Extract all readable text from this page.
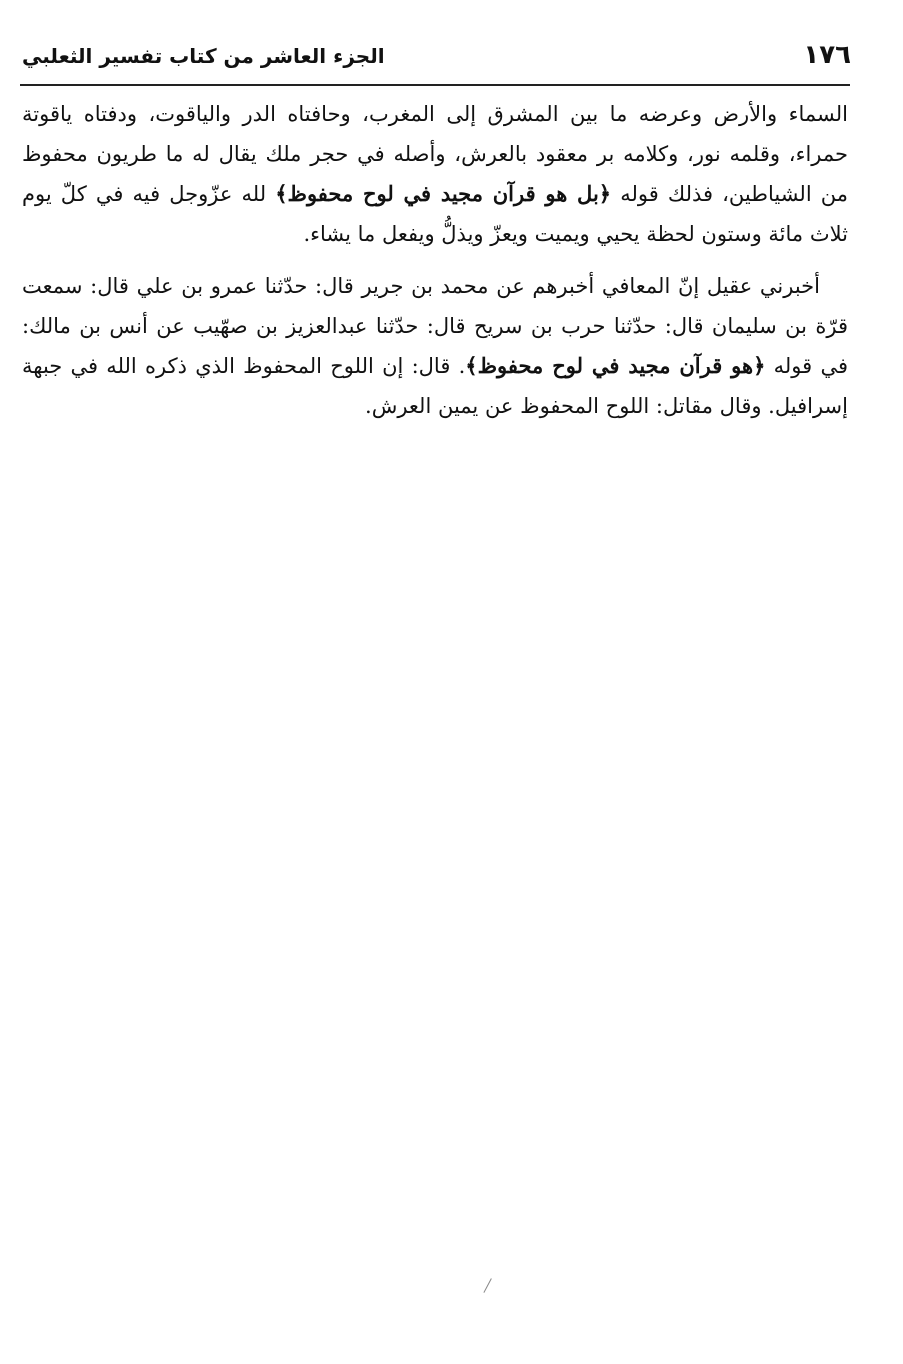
١٧٦
الجزء العاشر من كتاب تفسير الثعلبي

السماء والأرض وعرضه ما بين المشرق إلى المغرب، وحافتاه الدر والياقوت، ودفتاه ياقوتة حمراء، وقلمه نور، وكلامه بر معقود بالعرش، وأصله في حجر ملك يقال له ما طريون محفوظ من الشياطين، فذلك قوله ﴿بل هو قرآن مجيد في لوح محفوظ﴾ لله عزّوجل فيه في كلّ يوم ثلاث مائة وستون لحظة يحيي ويميت ويعزّ ويذلُّ ويفعل ما يشاء.

أخبرني عقيل إنّ المعافي أخبرهم عن محمد بن جرير قال: حدّثنا عمرو بن علي قال: سمعت قرّة بن سليمان قال: حدّثنا حرب بن سريح قال: حدّثنا عبدالعزيز بن صهّيب عن أنس بن مالك: في قوله ﴿هو قرآن مجيد في لوح محفوظ﴾. قال: إن اللوح المحفوظ الذي ذكره الله في جبهة إسرافيل. وقال مقاتل: اللوح المحفوظ عن يمين العرش.
